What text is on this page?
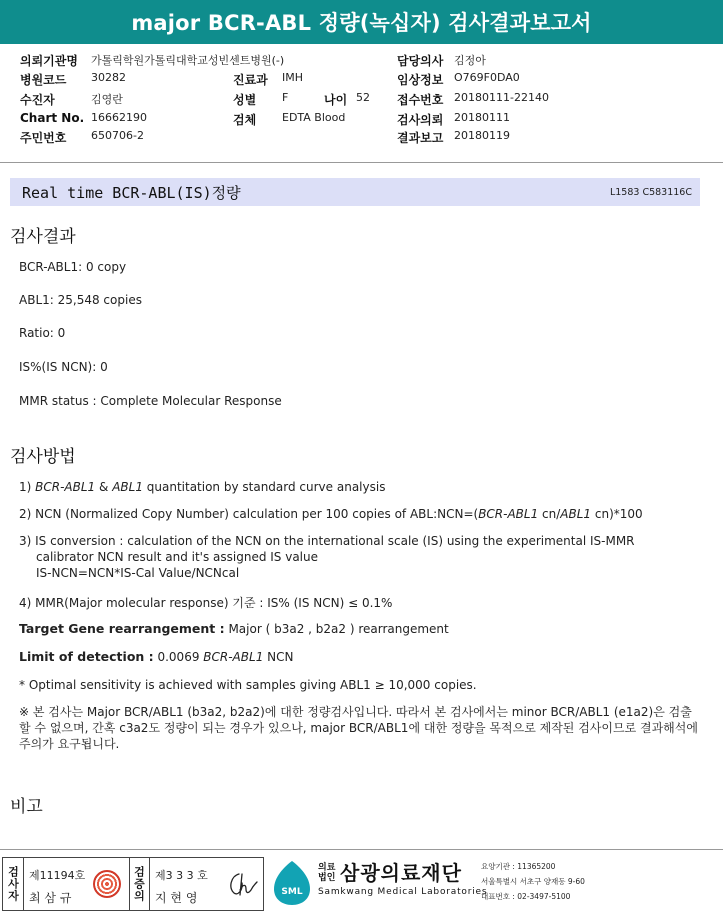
major BCR-ABL 정량(녹십자) 검사결과보고서
의뢰기관명 가톨릭학원가톨릭대학교성빈센트병원(-)	담당의사 김정아
병원코드 30282	진료과 IMH	임상정보 O769F0DA0
수진자	김영란	성별 F	나이 52 접수번호 20180111-22140
Chart No. 16662190	검체 EDTA Blood	검사의뢰 20180111
주민번호 650706-2	결과보고 20180119
Real time BCR-ABL(IS)정량	L1583 C583116C
검사결과
BCR-ABL1: 0 copy
ABL1: 25,548 copies
Ratio: 0
IS%(IS NCN): 0
MMR status : Complete Molecular Response
검사방법
1) BCR-ABL1 & ABL1 quantitation by standard curve analysis
2) NCN (Normalized Copy Number) calculation per 100 copies of ABL:NCN=(BCR-ABL1 cn/ABL1 cn)*100
3) IS conversion : calculation of the NCN on the international scale (IS) using the experimental IS-MMR
calibrator NCN result and it's assigned IS value
IS-NCN=NCN*IS-Cal Value/NCNcal
4) MMR(Major molecular response) 기준 : IS% (IS NCN) ≤ 0.1%
Target Gene rearrangement : Major ( b3a2 , b2a2 ) rearrangement
Limit of detection : 0.0069 BCR-ABL1 NCN
* Optimal sensitivity is achieved with samples giving ABL1 ≥ 10,000 copies.
※ 본 검사는 Major BCR/ABL1 (b3a2, b2a2)에 대한 정량검사입니다. 따라서 본 검사에서는 minor BCR/ABL1 (e1a2)은 검출할 수 없으며, 간혹 c3a2도 정량이 되는 경우가 있으나, major BCR/ABL1에 대한 정량을 목적으로 제작된 검사이므로 결과해석에 주의가 요구됩니다.
비고
검사자 제11194호
최 삼 규	검증의 제3 3 3 호
지 현 영	SML
의료법인 삼광의료재단
Samkwang Medical Laboratories
요양기관 : 11365200
서울특별시 서초구 양재동 9-60
대표번호 : 02-3497-5100
